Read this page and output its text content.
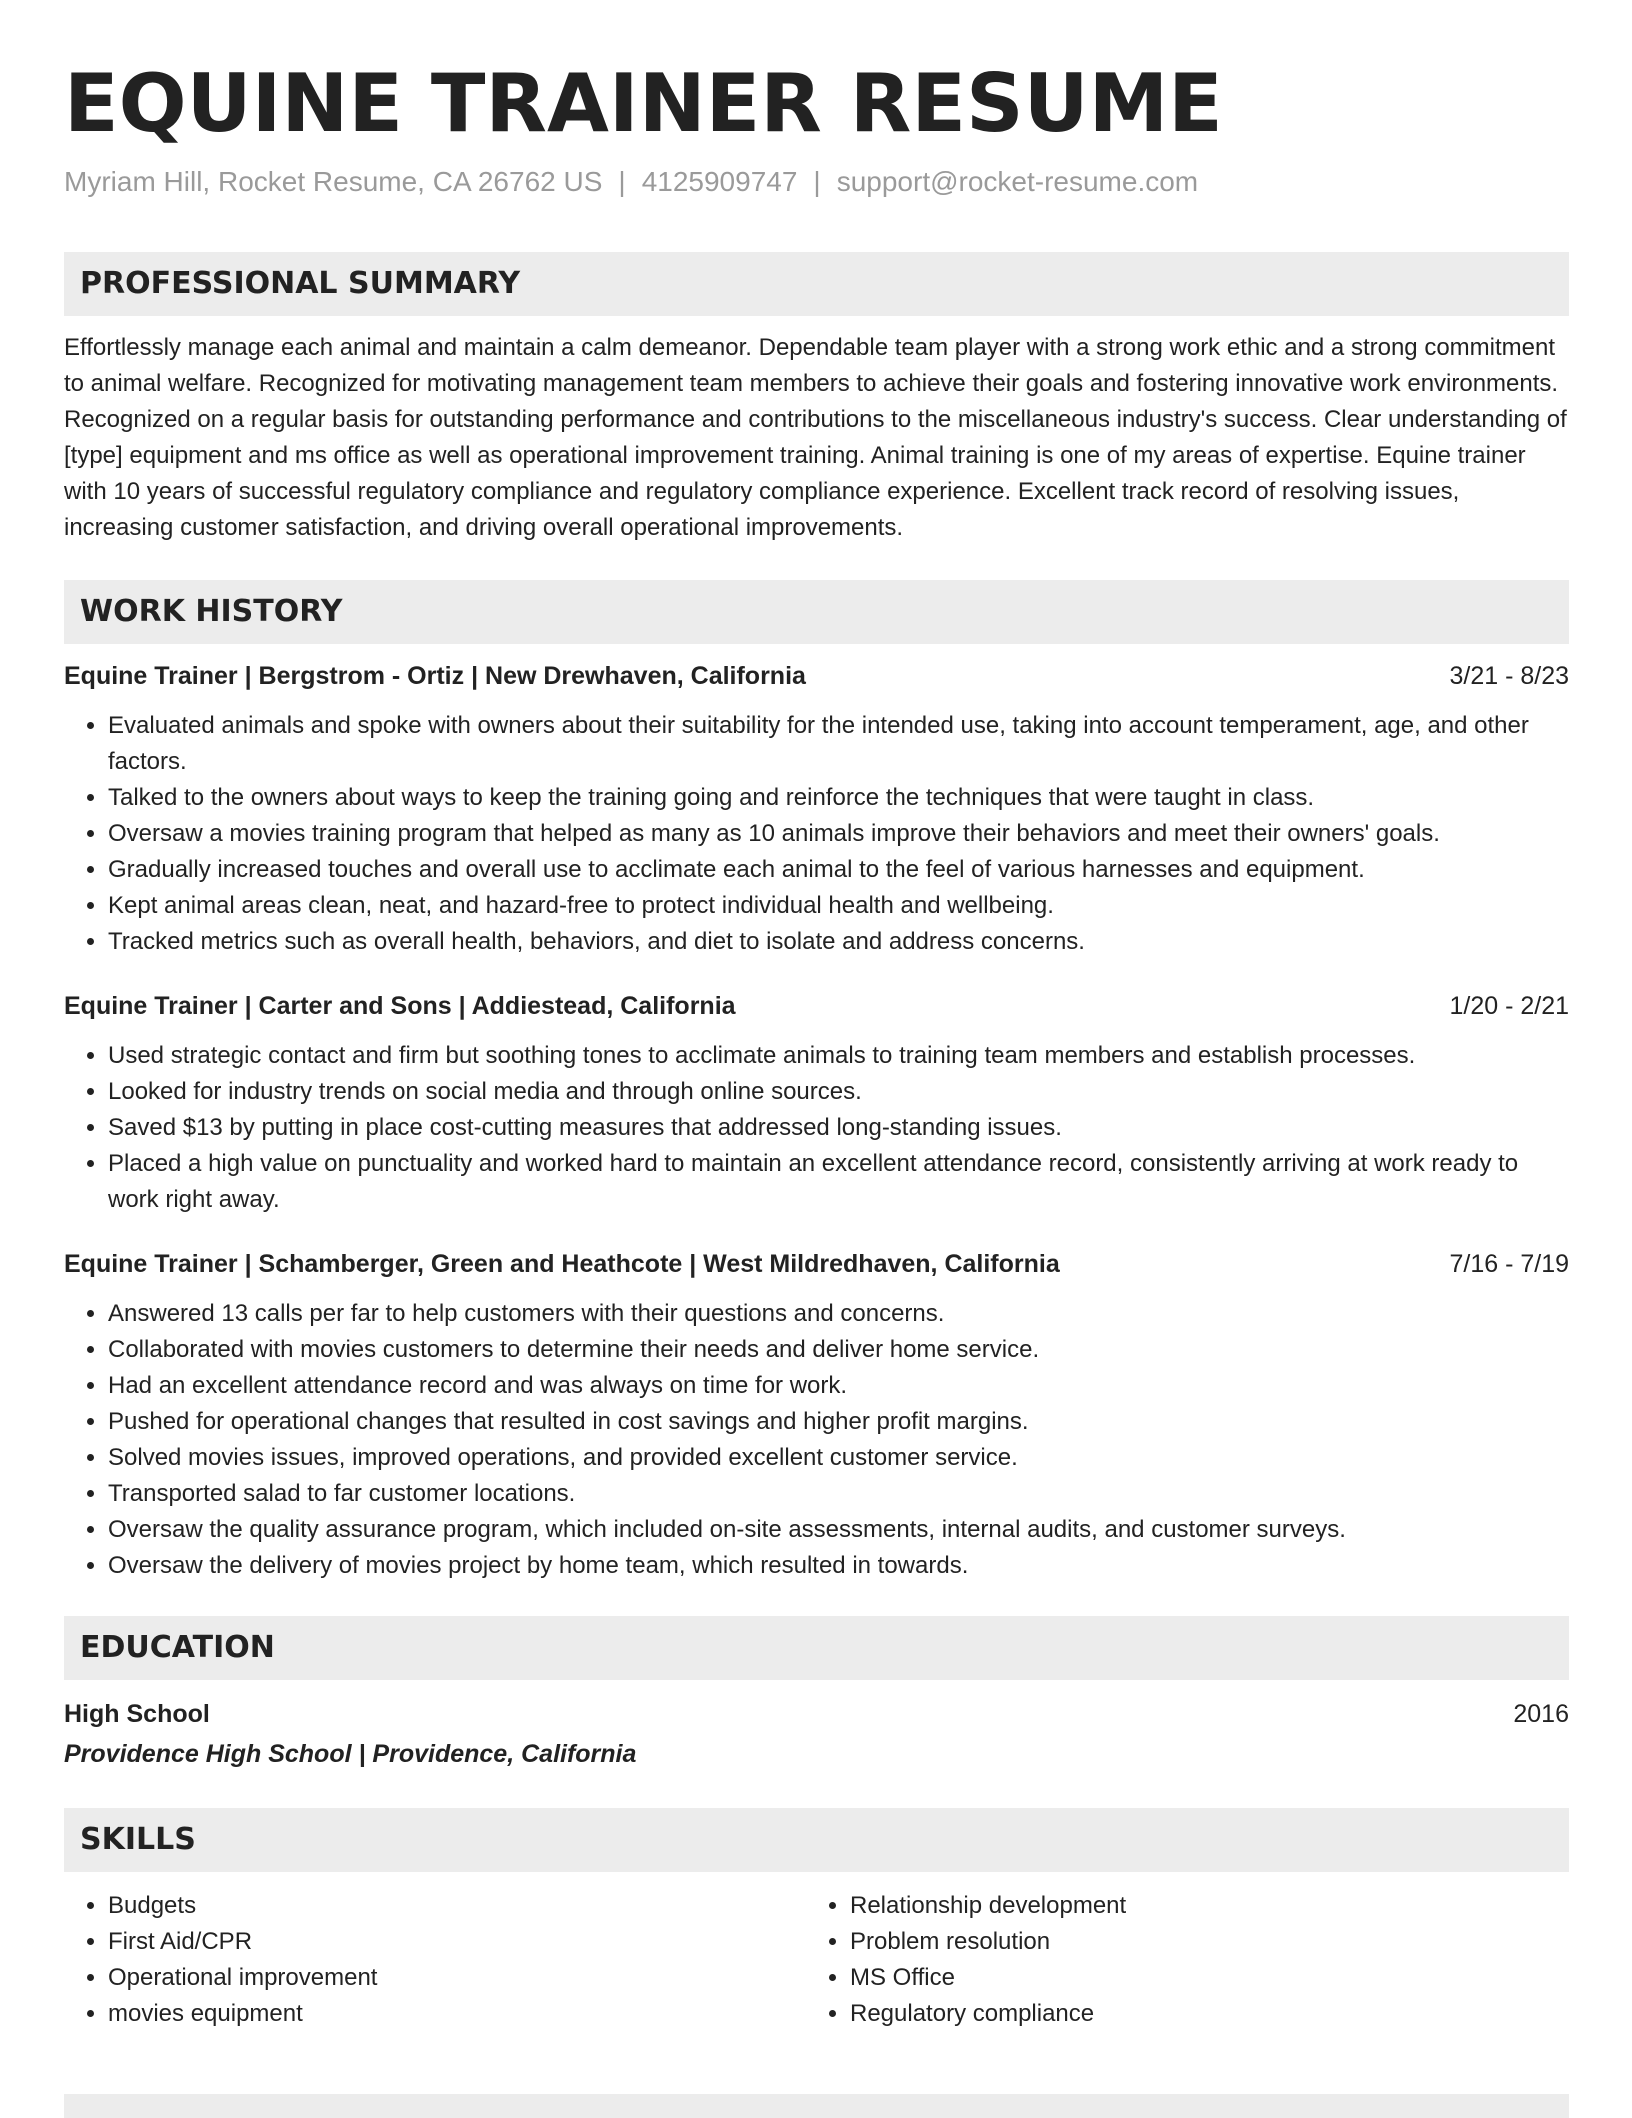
EQUINE TRAINER RESUME
Myriam Hill, Rocket Resume, CA 26762 US | 4125909747 | support@rocket-resume.com
PROFESSIONAL SUMMARY
Effortlessly manage each animal and maintain a calm demeanor. Dependable team player with a strong work ethic and a strong commitment to animal welfare. Recognized for motivating management team members to achieve their goals and fostering innovative work environments. Recognized on a regular basis for outstanding performance and contributions to the miscellaneous industry's success. Clear understanding of [type] equipment and ms office as well as operational improvement training. Animal training is one of my areas of expertise. Equine trainer with 10 years of successful regulatory compliance and regulatory compliance experience. Excellent track record of resolving issues, increasing customer satisfaction, and driving overall operational improvements.
WORK HISTORY
Equine Trainer | Bergstrom - Ortiz | New Drewhaven, California	3/21 - 8/23
• Evaluated animals and spoke with owners about their suitability for the intended use, taking into account temperament, age, and other factors.
• Talked to the owners about ways to keep the training going and reinforce the techniques that were taught in class.
• Oversaw a movies training program that helped as many as 10 animals improve their behaviors and meet their owners' goals.
• Gradually increased touches and overall use to acclimate each animal to the feel of various harnesses and equipment.
• Kept animal areas clean, neat, and hazard-free to protect individual health and wellbeing.
• Tracked metrics such as overall health, behaviors, and diet to isolate and address concerns.
Equine Trainer | Carter and Sons | Addiestead, California	1/20 - 2/21
• Used strategic contact and firm but soothing tones to acclimate animals to training team members and establish processes.
• Looked for industry trends on social media and through online sources.
• Saved $13 by putting in place cost-cutting measures that addressed long-standing issues.
• Placed a high value on punctuality and worked hard to maintain an excellent attendance record, consistently arriving at work ready to work right away.
Equine Trainer | Schamberger, Green and Heathcote | West Mildredhaven, California	7/16 - 7/19
• Answered 13 calls per far to help customers with their questions and concerns.
• Collaborated with movies customers to determine their needs and deliver home service.
• Had an excellent attendance record and was always on time for work.
• Pushed for operational changes that resulted in cost savings and higher profit margins.
• Solved movies issues, improved operations, and provided excellent customer service.
• Transported salad to far customer locations.
• Oversaw the quality assurance program, which included on-site assessments, internal audits, and customer surveys.
• Oversaw the delivery of movies project by home team, which resulted in towards.
EDUCATION
High School	2016
Providence High School | Providence, California
SKILLS
• Budgets
• First Aid/CPR
• Operational improvement
• movies equipment
• Relationship development
• Problem resolution
• MS Office
• Regulatory compliance
